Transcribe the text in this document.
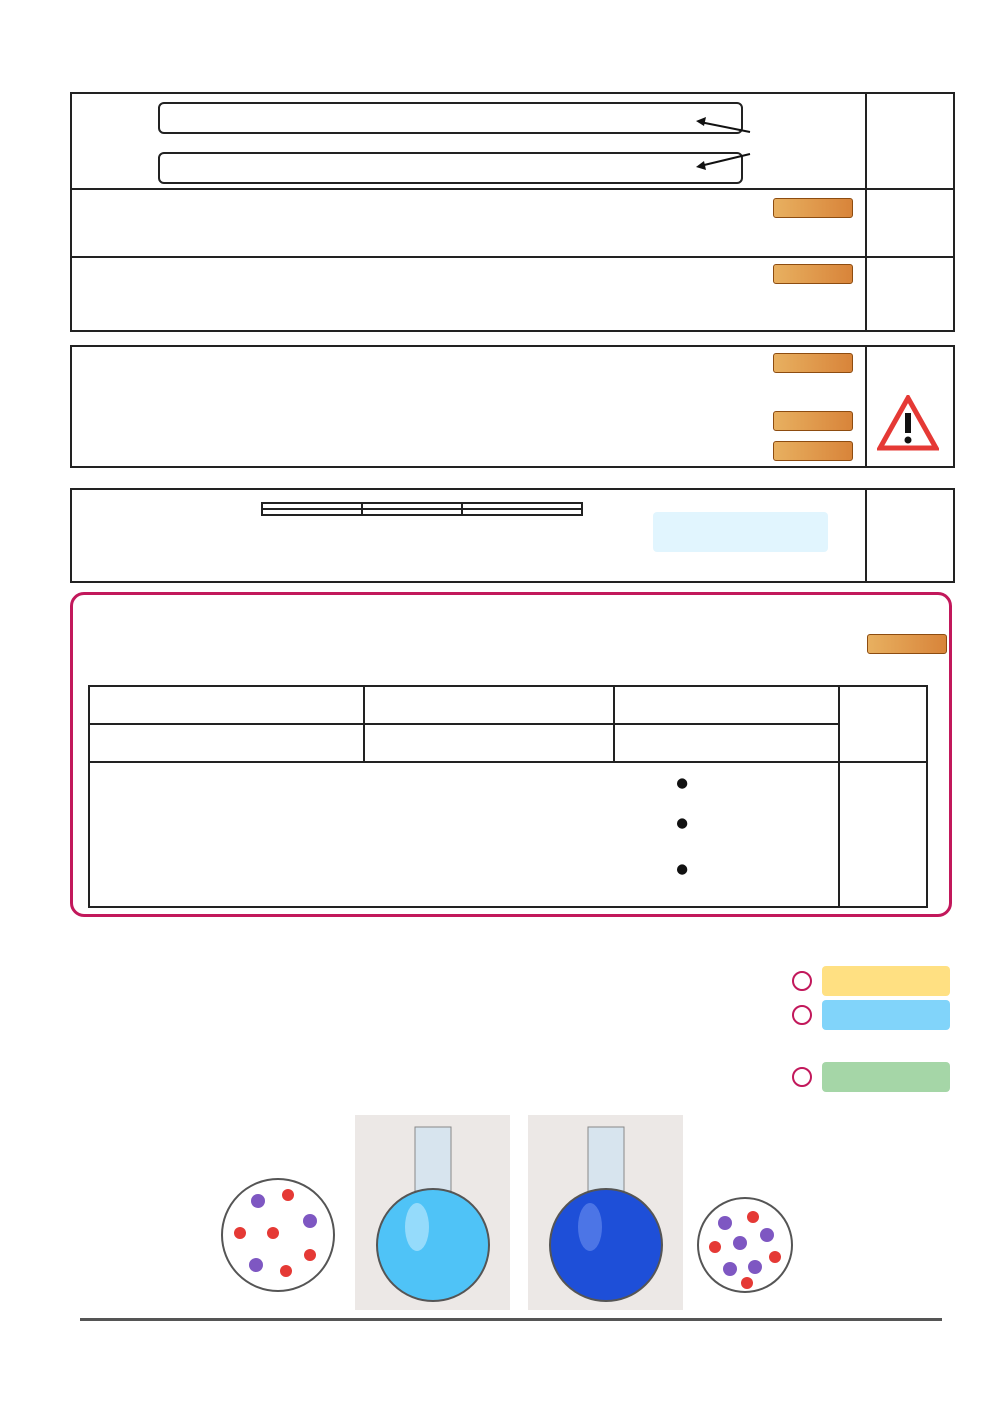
	●
●
●		
